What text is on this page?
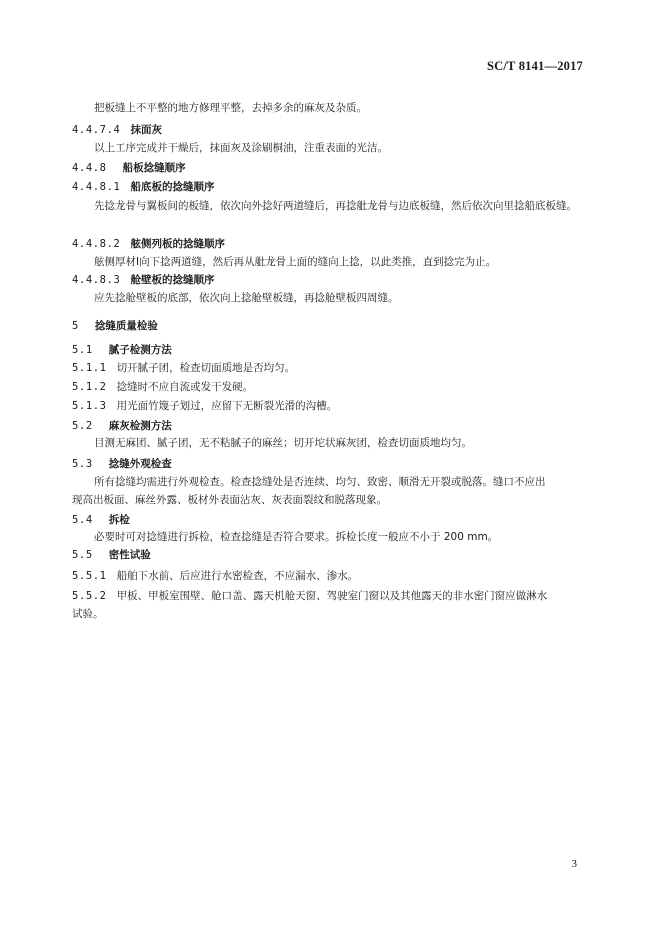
SC/T 8141—2017
把板缝上不平整的地方修理平整，去掉多余的麻灰及杂质。
4.4.7.4 抹面灰
以上工序完成并干燥后，抹面灰及涂刷桐油，注重表面的光洁。
4.4.8 船板捻缝顺序
4.4.8.1 船底板的捻缝顺序
先捻龙骨与翼板间的板缝，依次向外捻好两道缝后，再捻舭龙骨与边底板缝，然后依次向里捻船底板缝。
4.4.8.2 舷侧列板的捻缝顺序
舷侧厚材Ⅰ向下捻两道缝，然后再从舭龙骨上面的缝向上捻，以此类推，直到捻完为止。
4.4.8.3 舱壁板的捻缝顺序
应先捻舱壁板的底部，依次向上捻舱壁板缝，再捻舱壁板四周缝。
5 捻缝质量检验
5.1 腻子检测方法
5.1.1 切开腻子团，检查切面质地是否均匀。
5.1.2 捻缝时不应自流或发干发硬。
5.1.3 用光面竹篾子划过，应留下无断裂光滑的沟槽。
5.2 麻灰检测方法
目测无麻团、腻子团，无不粘腻子的麻丝；切开坨状麻灰团，检查切面质地均匀。
5.3 捻缝外观检查
所有捻缝均需进行外观检查。检查捻缝处是否连续、均匀、致密、顺滑无开裂或脱落。缝口不应出
现高出板面、麻丝外露、板材外表面沾灰、灰表面裂纹和脱落现象。
5.4 拆检
必要时可对捻缝进行拆检，检查捻缝是否符合要求。拆检长度一般应不小于 200 mm。
5.5 密性试验
5.5.1 船舶下水前、后应进行水密检查，不应漏水、渗水。
5.5.2 甲板、甲板室围壁、舱口盖、露天机舱天窗、驾驶室门窗以及其他露天的非水密门窗应做淋水
试验。
3
